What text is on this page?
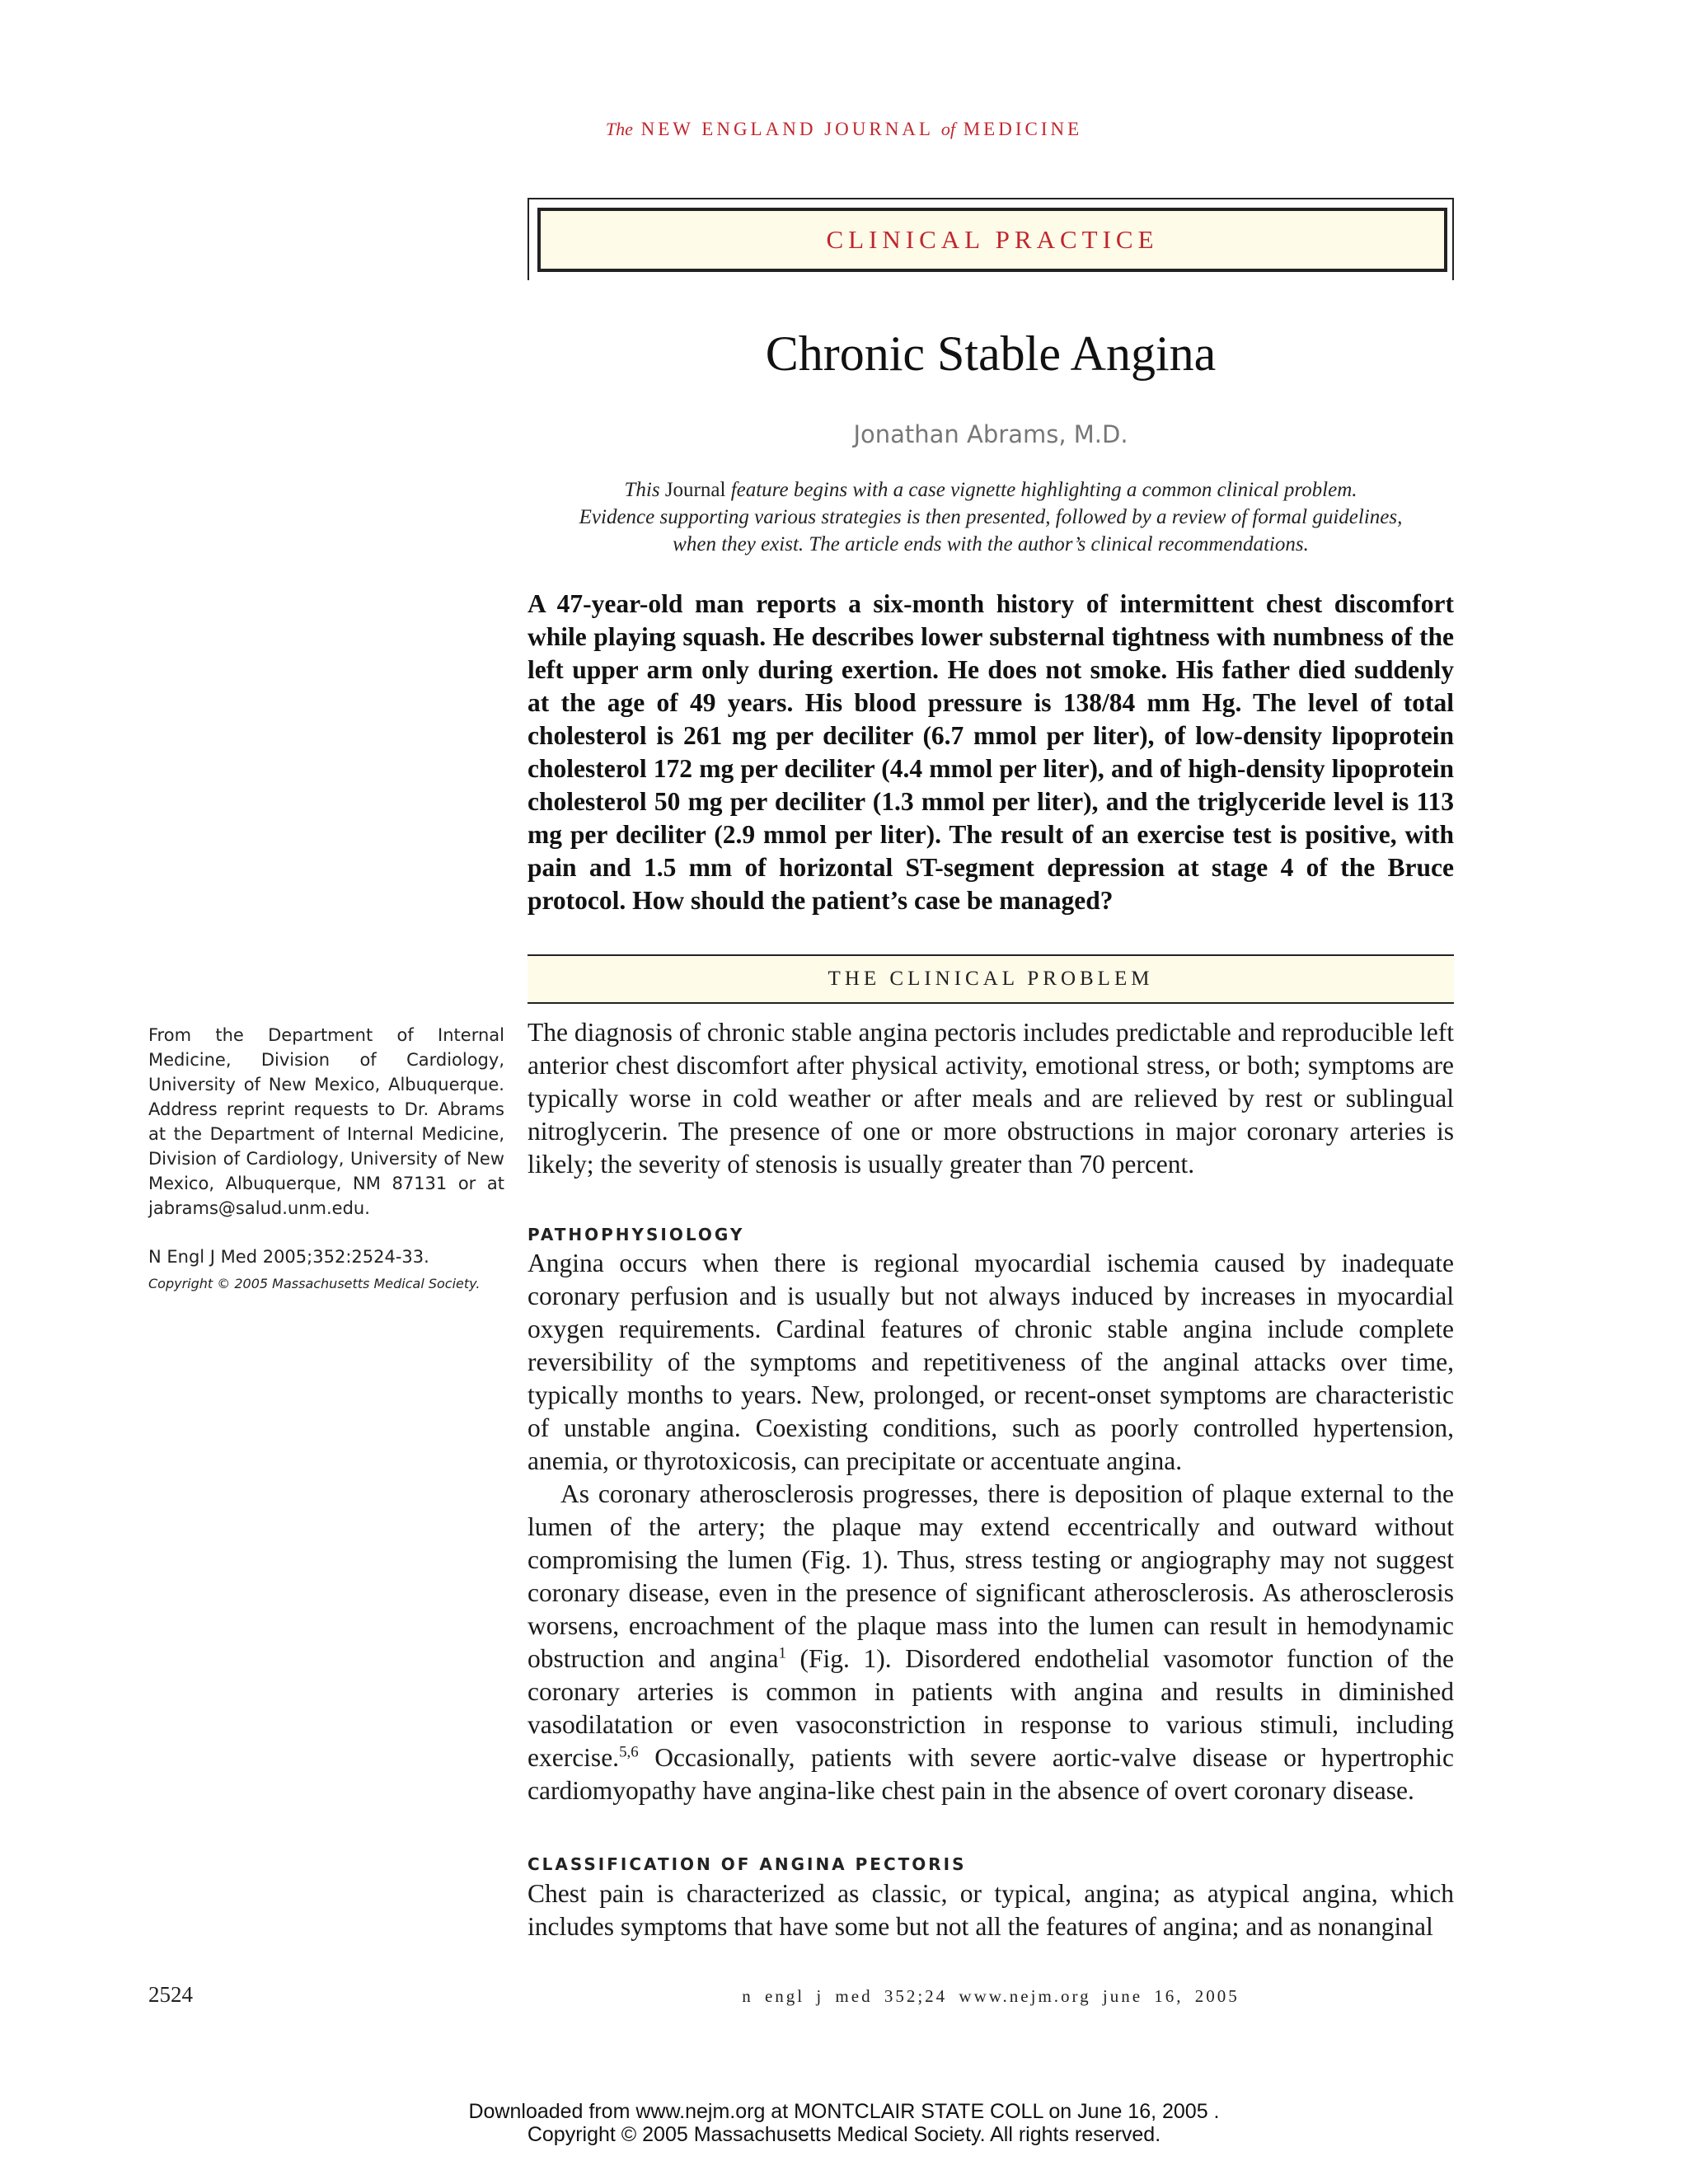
The NEW ENGLAND JOURNAL of MEDICINE
CLINICAL PRACTICE
Chronic Stable Angina
Jonathan Abrams, M.D.
This Journal feature begins with a case vignette highlighting a common clinical problem.
Evidence supporting various strategies is then presented, followed by a review of formal guidelines,
when they exist. The article ends with the author’s clinical recommendations.
A 47-year-old man reports a six-month history of intermittent chest discomfort while playing squash. He describes lower substernal tightness with numbness of the left upper arm only during exertion. He does not smoke. His father died suddenly at the age of 49 years. His blood pressure is 138/84 mm Hg. The level of total cholesterol is 261 mg per deciliter (6.7 mmol per liter), of low-density lipoprotein cholesterol 172 mg per deciliter (4.4 mmol per liter), and of high-density lipoprotein cholesterol 50 mg per deciliter (1.3 mmol per liter), and the triglyceride level is 113 mg per deciliter (2.9 mmol per liter). The result of an exercise test is positive, with pain and 1.5 mm of horizontal ST-segment depression at stage 4 of the Bruce protocol. How should the patient’s case be managed?
THE CLINICAL PROBLEM

The diagnosis of chronic stable angina pectoris includes predictable and reproducible left anterior chest discomfort after physical activity, emotional stress, or both; symptoms are typically worse in cold weather or after meals and are relieved by rest or sublingual nitroglycerin. The presence of one or more obstructions in major coronary arteries is likely; the severity of stenosis is usually greater than 70 percent.

PATHOPHYSIOLOGY

Angina occurs when there is regional myocardial ischemia caused by inadequate coronary perfusion and is usually but not always induced by increases in myocardial oxygen requirements. Cardinal features of chronic stable angina include complete reversibility of the symptoms and repetitiveness of the anginal attacks over time, typically months to years. New, prolonged, or recent-onset symptoms are characteristic of unstable angina. Coexisting conditions, such as poorly controlled hypertension, anemia, or thyrotoxicosis, can precipitate or accentuate angina.

As coronary atherosclerosis progresses, there is deposition of plaque external to the lumen of the artery; the plaque may extend eccentrically and outward without compromising the lumen (Fig. 1). Thus, stress testing or angiography may not suggest coronary disease, even in the presence of significant atherosclerosis. As atherosclerosis worsens, encroachment of the plaque mass into the lumen can result in hemodynamic obstruction and angina$^1$ (Fig. 1). Disordered endothelial vasomotor function of the coronary arteries is common in patients with angina and results in diminished vasodilatation or even vasoconstriction in response to various stimuli, including exercise.$^{5,6}$ Occasionally, patients with severe aortic-valve disease or hypertrophic cardiomyopathy have angina-like chest pain in the absence of overt coronary disease.

CLASSIFICATION OF ANGINA PECTORIS

Chest pain is characterized as classic, or typical, angina; as atypical angina, which includes symptoms that have some but not all the features of angina; and as nonanginal

From the Department of Internal Medicine, Division of Cardiology, University of New Mexico, Albuquerque. Address reprint requests to Dr. Abrams at the Department of Internal Medicine, Division of Cardiology, University of New Mexico, Albuquerque, NM 87131 or at jabrams@salud.unm.edu.

N Engl J Med 2005;352:2524-33.
Copyright © 2005 Massachusetts Medical Society.
2524	n engl j med 352;24 www.nejm.org june 16, 2005
Downloaded from www.nejm.org at MONTCLAIR STATE COLL on June 16, 2005 .
Copyright © 2005 Massachusetts Medical Society. All rights reserved.
